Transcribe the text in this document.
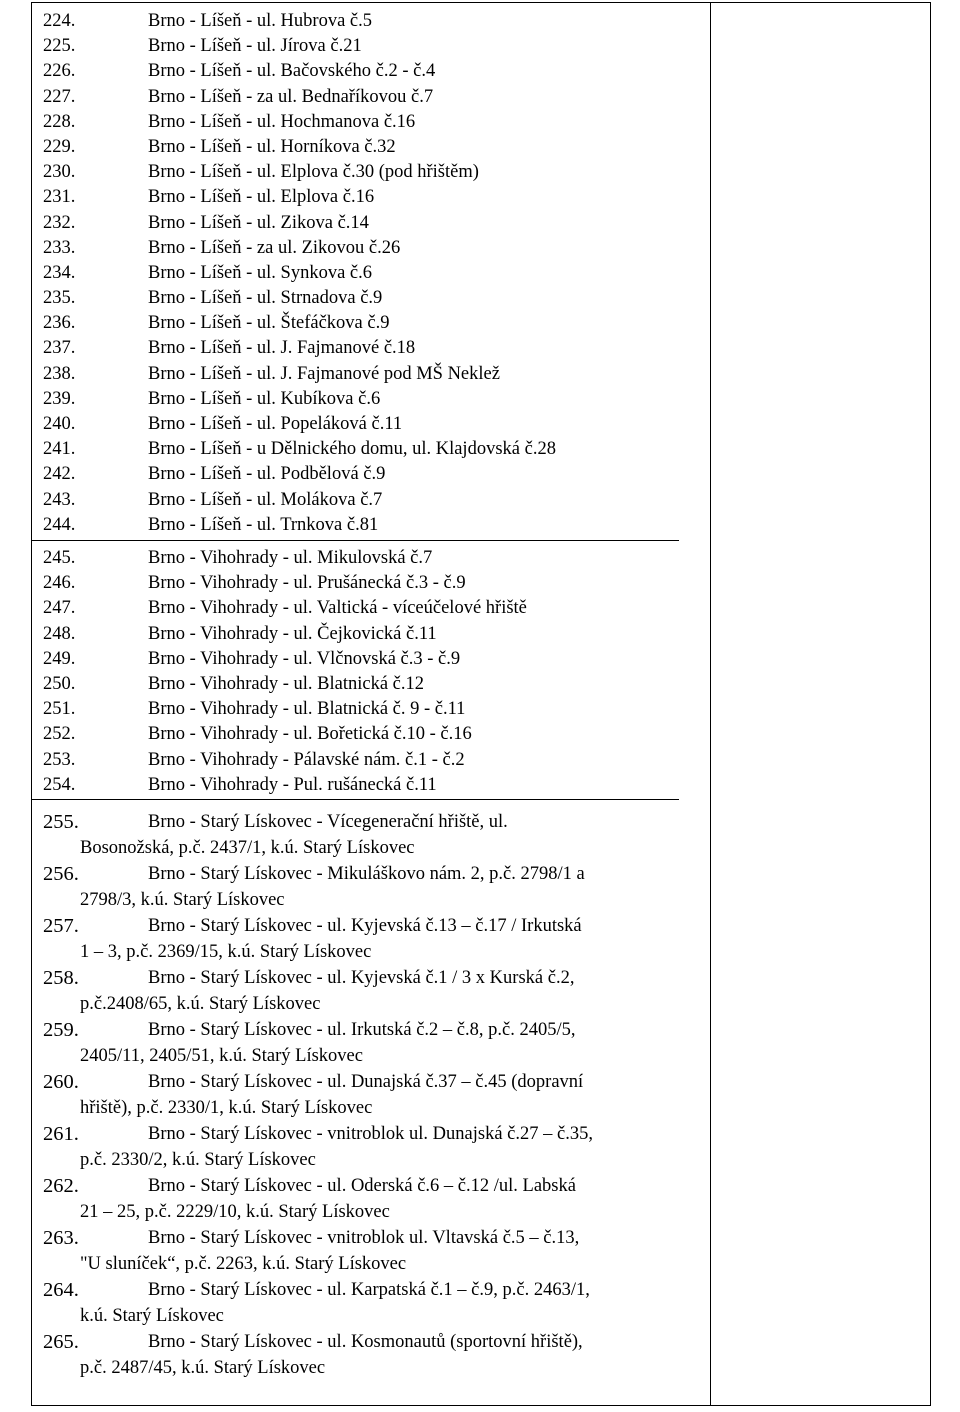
224.	Brno - Líšeň - ul. Hubrova č.5
225.	Brno - Líšeň - ul. Jírova č.21
226.	Brno - Líšeň - ul. Bačovského č.2 - č.4
227.	Brno - Líšeň - za ul. Bednaříkovou č.7
228.	Brno - Líšeň - ul. Hochmanova č.16
229.	Brno - Líšeň - ul. Horníkova č.32
230.	Brno - Líšeň - ul. Elplova č.30 (pod hřištěm)
231.	Brno - Líšeň - ul. Elplova č.16
232.	Brno - Líšeň - ul. Zikova č.14
233.	Brno - Líšeň - za ul. Zikovou č.26
234.	Brno - Líšeň - ul. Synkova č.6
235.	Brno - Líšeň - ul. Strnadova č.9
236.	Brno - Líšeň - ul. Štefáčkova č.9
237.	Brno - Líšeň - ul. J. Fajmanové č.18
238.	Brno - Líšeň - ul. J. Fajmanové pod MŠ Neklež
239.	Brno - Líšeň - ul. Kubíkova č.6
240.	Brno - Líšeň - ul. Popeláková č.11
241.	Brno - Líšeň - u Dělnického domu, ul. Klajdovská č.28
242.	Brno - Líšeň - ul. Podbělová č.9
243.	Brno - Líšeň - ul. Molákova č.7
244.	Brno - Líšeň - ul. Trnkova č.81
245.	Brno - Vihohrady - ul. Mikulovská č.7
246.	Brno - Vihohrady - ul. Prušánecká č.3 - č.9
247.	Brno - Vihohrady - ul. Valtická - víceúčelové hřiště
248.	Brno - Vihohrady - ul. Čejkovická č.11
249.	Brno - Vihohrady - ul. Vlčnovská č.3 - č.9
250.	Brno - Vihohrady - ul. Blatnická č.12
251.	Brno - Vihohrady - ul. Blatnická č. 9 - č.11
252.	Brno - Vihohrady - ul. Bořetická č.10 - č.16
253.	Brno - Vihohrady - Pálavské nám. č.1 - č.2
254.	Brno - Vihohrady - Pul. rušánecká č.11
255.	Brno - Starý Lískovec - Vícegenerační hřiště, ul.
Bosonožská, p.č. 2437/1, k.ú. Starý Lískovec
256.	Brno - Starý Lískovec - Mikuláškovo nám. 2, p.č. 2798/1 a
2798/3, k.ú. Starý Lískovec
257.	Brno - Starý Lískovec - ul. Kyjevská č.13 – č.17 / Irkutská
1 – 3, p.č. 2369/15, k.ú. Starý Lískovec
258.	Brno - Starý Lískovec - ul. Kyjevská č.1 / 3 x Kurská č.2,
p.č.2408/65, k.ú. Starý Lískovec
259.	Brno - Starý Lískovec - ul. Irkutská č.2 – č.8, p.č. 2405/5,
2405/11, 2405/51, k.ú. Starý Lískovec
260.	Brno - Starý Lískovec - ul. Dunajská č.37 – č.45 (dopravní
hřiště), p.č. 2330/1, k.ú. Starý Lískovec
261.	Brno - Starý Lískovec - vnitroblok ul. Dunajská č.27 – č.35,
p.č. 2330/2, k.ú. Starý Lískovec
262.	Brno - Starý Lískovec - ul. Oderská č.6 – č.12 /ul. Labská
21 – 25, p.č. 2229/10, k.ú. Starý Lískovec
263.	Brno - Starý Lískovec - vnitroblok ul. Vltavská č.5 – č.13,
"U sluníček“, p.č. 2263, k.ú. Starý Lískovec
264.	Brno - Starý Lískovec - ul. Karpatská č.1 – č.9, p.č. 2463/1,
k.ú. Starý Lískovec
265.	Brno - Starý Lískovec - ul. Kosmonautů (sportovní hřiště),
p.č. 2487/45, k.ú. Starý Lískovec
